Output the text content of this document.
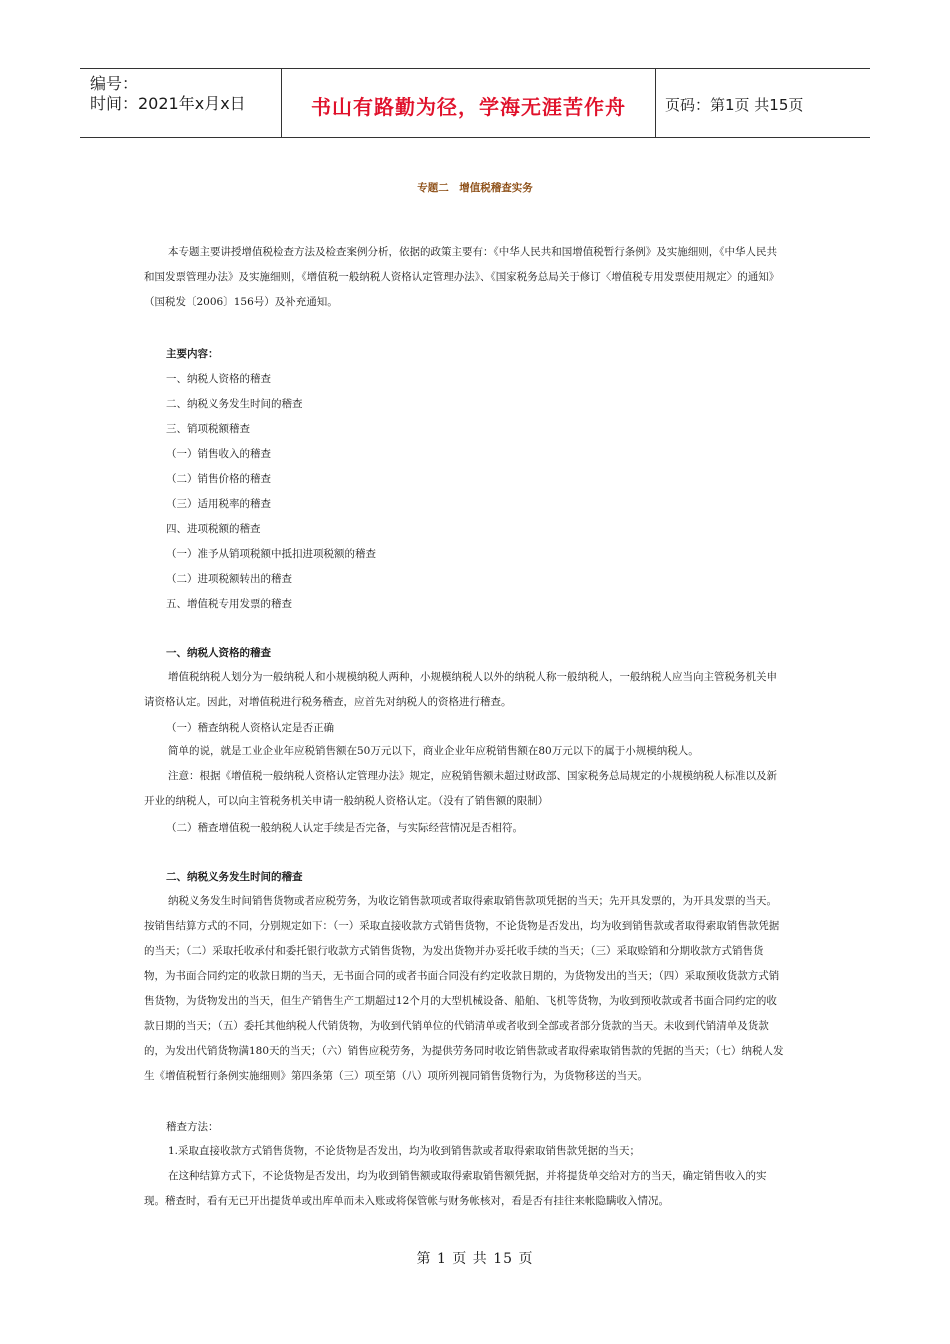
编号：
时间：2021年x月x日	书山有路勤为径，学海无涯苦作舟	页码：第1页 共15页
专题二　增值税稽查实务

本专题主要讲授增值税检查方法及检查案例分析，依据的政策主要有：《中华人民共和国增值税暂行条例》及实施细则，《中华人民共和国发票管理办法》及实施细则，《增值税一般纳税人资格认定管理办法》、《国家税务总局关于修订〈增值税专用发票使用规定〉的通知》（国税发〔2006〕156号）及补充通知。

主要内容：
一、纳税人资格的稽查
二、纳税义务发生时间的稽查
三、销项税额稽查
（一）销售收入的稽查
（二）销售价格的稽查
（三）适用税率的稽查
四、进项税额的稽查
（一）准予从销项税额中抵扣进项税额的稽查
（二）进项税额转出的稽查
五、增值税专用发票的稽查
一、纳税人资格的稽查

增值税纳税人划分为一般纳税人和小规模纳税人两种，小规模纳税人以外的纳税人称一般纳税人，一般纳税人应当向主管税务机关申请资格认定。因此，对增值税进行税务稽查，应首先对纳税人的资格进行稽查。

（一）稽查纳税人资格认定是否正确

简单的说，就是工业企业年应税销售额在50万元以下，商业企业年应税销售额在80万元以下的属于小规模纳税人。

注意：根据《增值税一般纳税人资格认定管理办法》规定，应税销售额未超过财政部、国家税务总局规定的小规模纳税人标准以及新开业的纳税人，可以向主管税务机关申请一般纳税人资格认定。（没有了销售额的限制）

（二）稽查增值税一般纳税人认定手续是否完备，与实际经营情况是否相符。
二、纳税义务发生时间的稽查

纳税义务发生时间销售货物或者应税劳务，为收讫销售款项或者取得索取销售款项凭据的当天；先开具发票的，为开具发票的当天。按销售结算方式的不同，分别规定如下：（一）采取直接收款方式销售货物，不论货物是否发出，均为收到销售款或者取得索取销售款凭据的当天；（二）采取托收承付和委托银行收款方式销售货物，为发出货物并办妥托收手续的当天；（三）采取赊销和分期收款方式销售货物，为书面合同约定的收款日期的当天，无书面合同的或者书面合同没有约定收款日期的，为货物发出的当天；（四）采取预收货款方式销售货物，为货物发出的当天，但生产销售生产工期超过12个月的大型机械设备、船舶、飞机等货物，为收到预收款或者书面合同约定的收款日期的当天；（五）委托其他纳税人代销货物，为收到代销单位的代销清单或者收到全部或者部分货款的当天。未收到代销清单及货款的，为发出代销货物满180天的当天；（六）销售应税劳务，为提供劳务同时收讫销售款或者取得索取销售款的凭据的当天；（七）纳税人发生《增值税暂行条例实施细则》第四条第（三）项至第（八）项所列视同销售货物行为，为货物移送的当天。

稽查方法：

1.采取直接收款方式销售货物，不论货物是否发出，均为收到销售款或者取得索取销售款凭据的当天；

在这种结算方式下，不论货物是否发出，均为收到销售额或取得索取销售额凭据，并将提货单交给对方的当天，确定销售收入的实现。稽查时，看有无已开出提货单或出库单而未入账或将保管帐与财务帐核对，看是否有挂往来帐隐瞒收入情况。

第 1 页 共 15 页
